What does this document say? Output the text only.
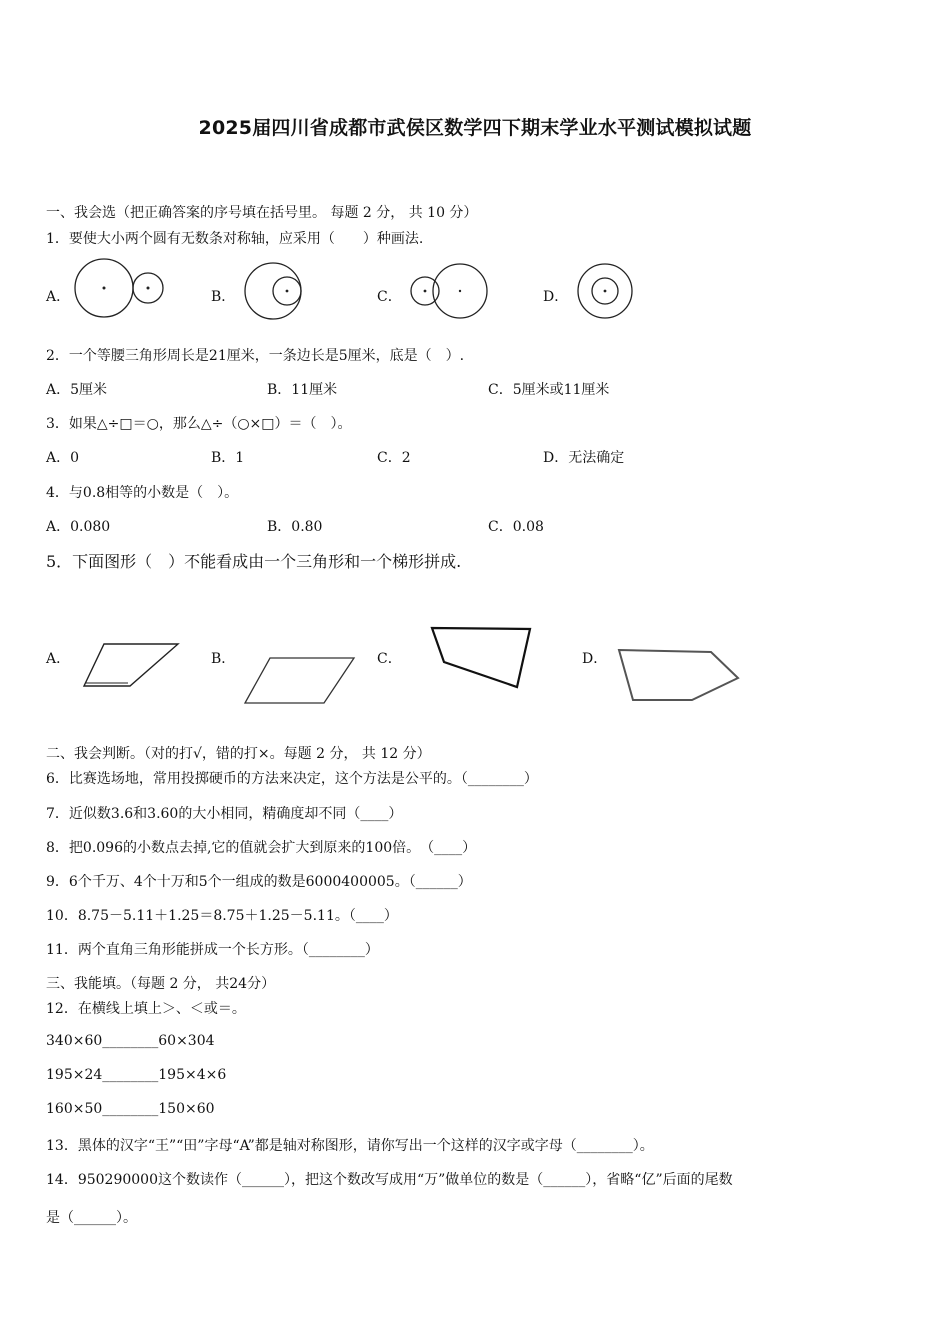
2025届四川省成都市武侯区数学四下期末学业水平测试模拟试题
一、我会选（把正确答案的序号填在括号里。 每题 2 分， 共 10 分）
1．要使大小两个圆有无数条对称轴，应采用（　　）种画法.
A．	B．	C．	D．
2．一个等腰三角形周长是21厘米，一条边长是5厘米，底是（　）.
A．5厘米	B．11厘米	C．5厘米或11厘米
3．如果△÷□＝○，那么△÷（○×□）＝（　）。
A．0	B．1	C．2	D．无法确定
4．与0.8相等的小数是（　）。
A．0.080	B．0.80	C．0.08
5．下面图形（　）不能看成由一个三角形和一个梯形拼成.
A．	B．	C．	D．
二、我会判断。（对的打√，错的打×。每题 2 分， 共 12 分）
6．比赛选场地，常用投掷硬币的方法来决定，这个方法是公平的。（________）
7．近似数3.6和3.60的大小相同，精确度却不同（____）
8．把0.096的小数点去掉,它的值就会扩大到原来的100倍。　（____）
9．6个千万、4个十万和5个一组成的数是6000400005。（______）
10．8.75－5.11＋1.25＝8.75＋1.25－5.11。（____）
11．两个直角三角形能拼成一个长方形。（________）
三、我能填。（每题 2 分， 共24分）
12．在横线上填上＞、＜或＝。
340×60________60×304
195×24________195×4×6
160×50________150×60
13．黑体的汉字“王”“田”字母“A”都是轴对称图形，请你写出一个这样的汉字或字母（________）。
14．950290000这个数读作（______），把这个数改写成用“万”做单位的数是（______），省略“亿”后面的尾数
是（______）。
